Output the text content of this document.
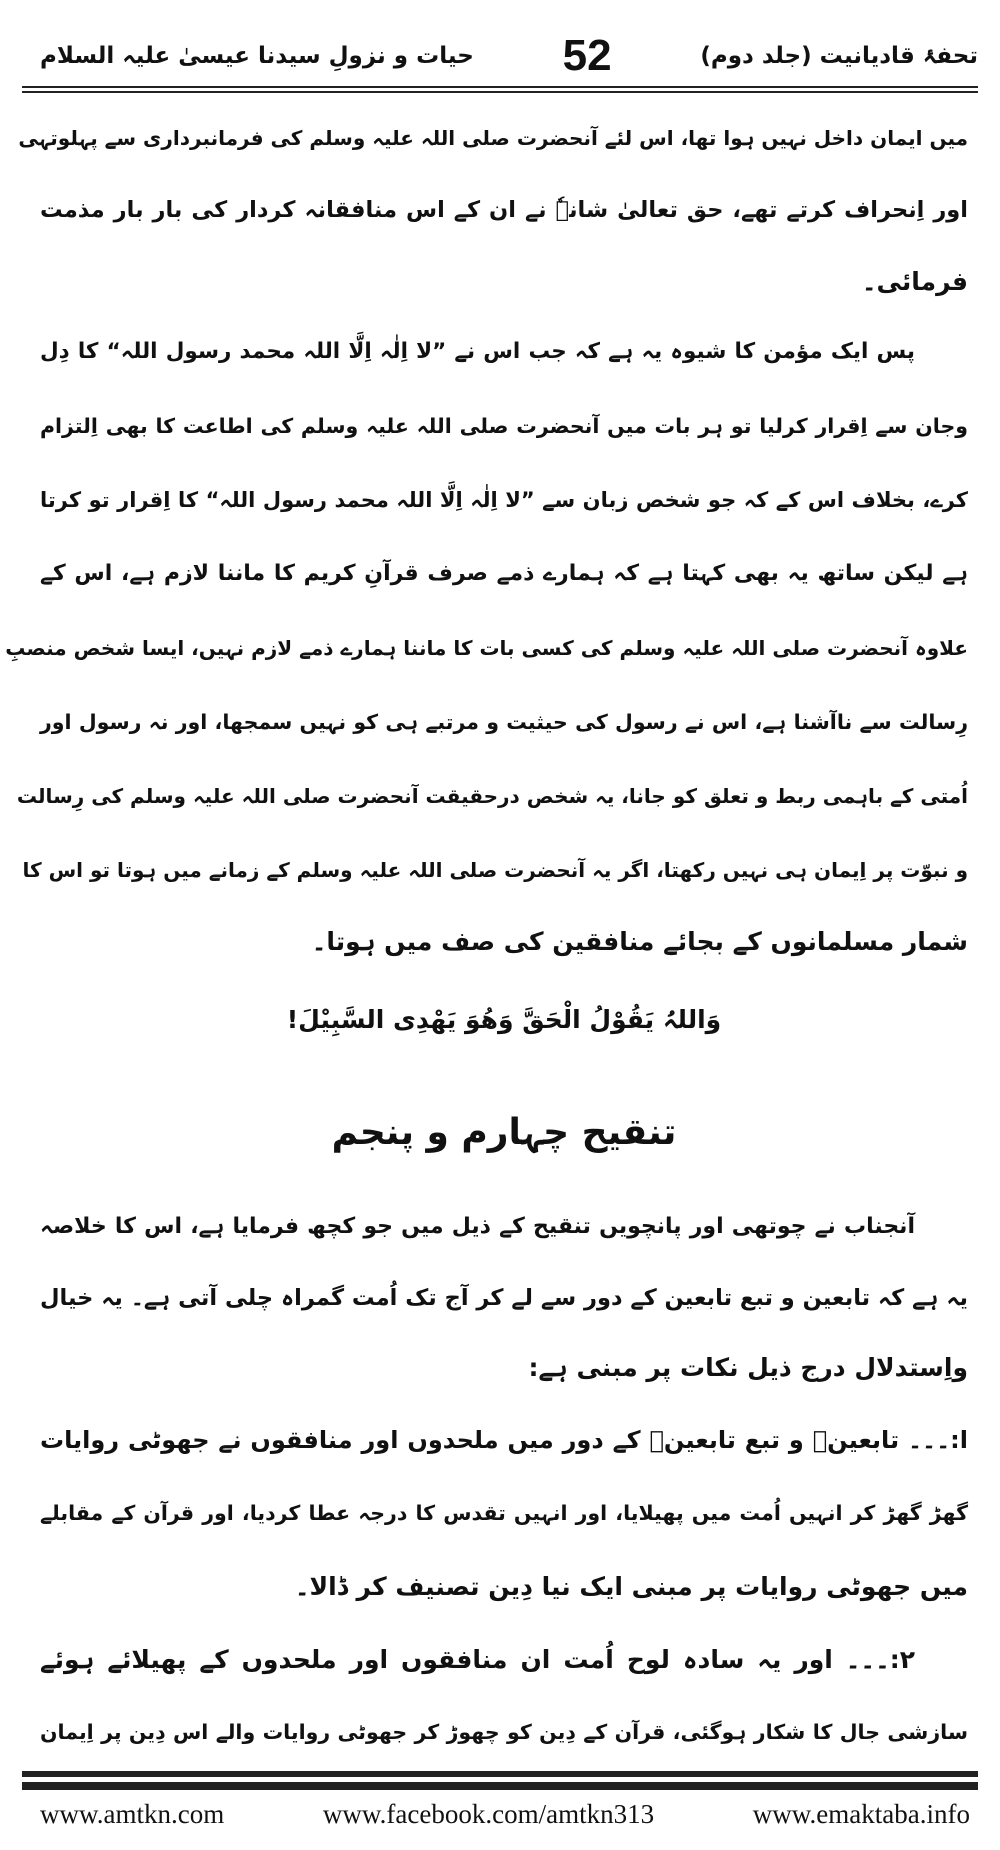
حیات و نزولِ سیدنا عیسیٰ علیہ السلام 52	تحفۂ قادیانیت (جلد دوم)
میں ایمان داخل نہیں ہوا تھا، اس لئے آنحضرت صلی اللہ علیہ وسلم کی فرمانبرداری سے پہلوتہی
اور اِنحراف کرتے تھے، حق تعالیٰ شانہٗ نے ان کے اس منافقانہ کردار کی بار بار مذمت
فرمائی۔
پس ایک مؤمن کا شیوہ یہ ہے کہ جب اس نے ”لا اِلٰہ اِلَّا اللہ محمد رسول اللہ“ کا دِل
وجان سے اِقرار کرلیا تو ہر بات میں آنحضرت صلی اللہ علیہ وسلم کی اطاعت کا بھی اِلتزام
کرے، بخلاف اس کے کہ جو شخص زبان سے ”لا اِلٰہ اِلَّا اللہ محمد رسول اللہ“ کا اِقرار تو کرتا
ہے لیکن ساتھ یہ بھی کہتا ہے کہ ہمارے ذمے صرف قرآنِ کریم کا ماننا لازم ہے، اس کے
علاوہ آنحضرت صلی اللہ علیہ وسلم کی کسی بات کا ماننا ہمارے ذمے لازم نہیں، ایسا شخص منصبِ
رِسالت سے ناآشنا ہے، اس نے رسول کی حیثیت و مرتبے ہی کو نہیں سمجھا، اور نہ رسول اور
اُمتی کے باہمی ربط و تعلق کو جانا، یہ شخص درحقیقت آنحضرت صلی اللہ علیہ وسلم کی رِسالت
و نبوّت پر اِیمان ہی نہیں رکھتا، اگر یہ آنحضرت صلی اللہ علیہ وسلم کے زمانے میں ہوتا تو اس کا
شمار مسلمانوں کے بجائے منافقین کی صف میں ہوتا۔
وَاللہُ یَقُوْلُ الْحَقَّ وَهُوَ یَهْدِی السَّبِیْلَ!
تنقیح چہارم و پنجم
آنجناب نے چوتھی اور پانچویں تنقیح کے ذیل میں جو کچھ فرمایا ہے، اس کا خلاصہ
یہ ہے کہ تابعین و تبع تابعین کے دور سے لے کر آج تک اُمت گمراہ چلی آتی ہے۔ یہ خیال
واِستدلال درج ذیل نکات پر مبنی ہے:
ا:۔۔۔ تابعینؒ و تبع تابعینؒ کے دور میں ملحدوں اور منافقوں نے جھوٹی روایات
گھڑ گھڑ کر انہیں اُمت میں پھیلایا، اور انہیں تقدس کا درجہ عطا کردیا، اور قرآن کے مقابلے
میں جھوٹی روایات پر مبنی ایک نیا دِین تصنیف کر ڈالا۔
۲:۔۔۔ اور یہ سادہ لوح اُمت ان منافقوں اور ملحدوں کے پھیلائے ہوئے
سازشی جال کا شکار ہوگئی، قرآن کے دِین کو چھوڑ کر جھوٹی روایات والے اس دِین پر اِیمان
www.amtkn.com	www.facebook.com/amtkn313	www.emaktaba.info
